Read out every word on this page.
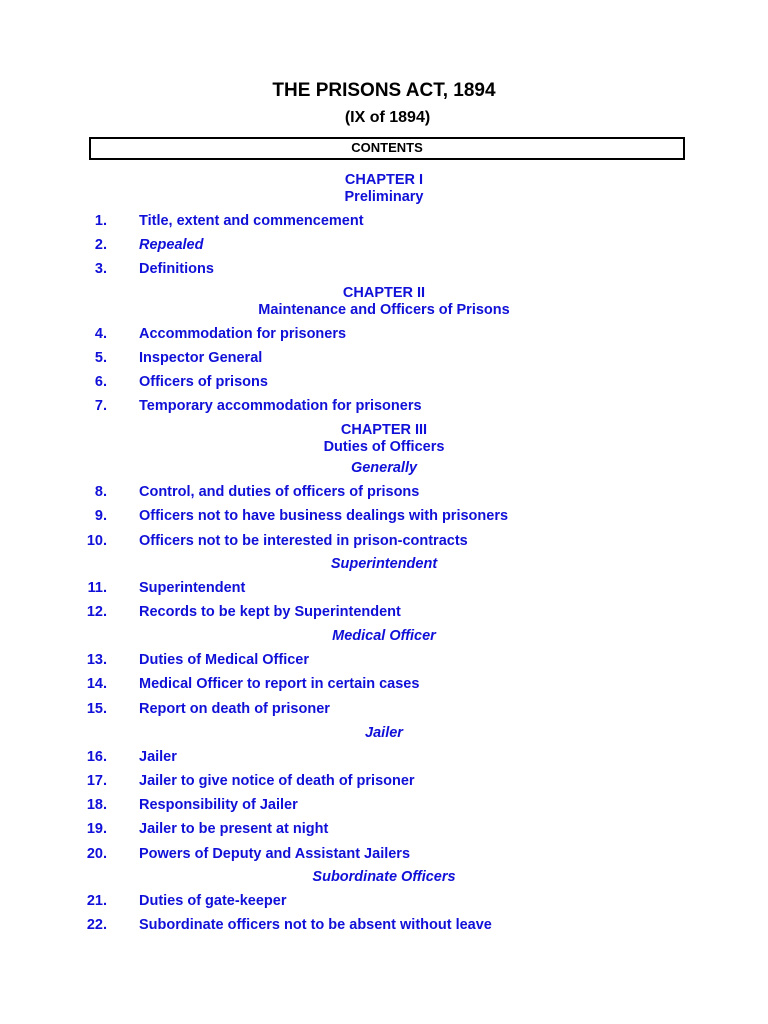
THE PRISONS ACT, 1894
(IX of 1894)
CONTENTS
CHAPTER I
Preliminary
1. Title, extent and commencement
2. Repealed
3. Definitions
CHAPTER II
Maintenance and Officers of Prisons
4. Accommodation for prisoners
5. Inspector General
6. Officers of prisons
7. Temporary accommodation for prisoners
CHAPTER III
Duties of Officers
Generally
8. Control, and duties of officers of prisons
9. Officers not to have business dealings with prisoners
10. Officers not to be interested in prison-contracts
Superintendent
11. Superintendent
12. Records to be kept by Superintendent
Medical Officer
13. Duties of Medical Officer
14. Medical Officer to report in certain cases
15. Report on death of prisoner
Jailer
16. Jailer
17. Jailer to give notice of death of prisoner
18. Responsibility of Jailer
19. Jailer to be present at night
20. Powers of Deputy and Assistant Jailers
Subordinate Officers
21. Duties of gate-keeper
22. Subordinate officers not to be absent without leave
